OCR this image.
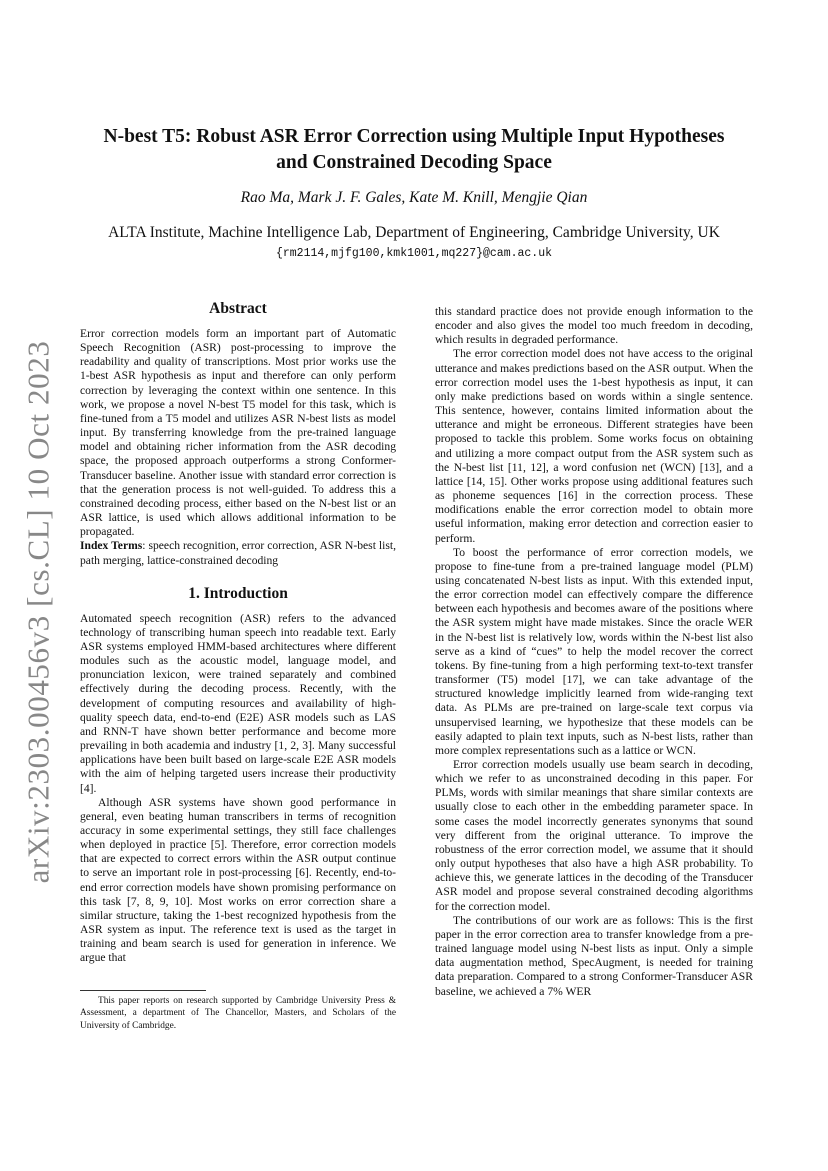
arXiv:2303.00456v3 [cs.CL] 10 Oct 2023
N-best T5: Robust ASR Error Correction using Multiple Input Hypotheses
and Constrained Decoding Space
Rao Ma, Mark J. F. Gales, Kate M. Knill, Mengjie Qian
ALTA Institute, Machine Intelligence Lab, Department of Engineering, Cambridge University, UK
{rm2114,mjfg100,kmk1001,mq227}@cam.ac.uk
Abstract

Error correction models form an important part of Automatic Speech Recognition (ASR) post-processing to improve the readability and quality of transcriptions. Most prior works use the 1-best ASR hypothesis as input and therefore can only perform correction by leveraging the context within one sentence. In this work, we propose a novel N-best T5 model for this task, which is fine-tuned from a T5 model and utilizes ASR N-best lists as model input. By transferring knowledge from the pre-trained language model and obtaining richer information from the ASR decoding space, the proposed approach outperforms a strong Conformer-Transducer baseline. Another issue with standard error correction is that the generation process is not well-guided. To address this a constrained decoding process, either based on the N-best list or an ASR lattice, is used which allows additional information to be propagated.

Index Terms: speech recognition, error correction, ASR N-best list, path merging, lattice-constrained decoding

1. Introduction

Automated speech recognition (ASR) refers to the advanced technology of transcribing human speech into readable text. Early ASR systems employed HMM-based architectures where different modules such as the acoustic model, language model, and pronunciation lexicon, were trained separately and combined effectively during the decoding process. Recently, with the development of computing resources and availability of high-quality speech data, end-to-end (E2E) ASR models such as LAS and RNN-T have shown better performance and become more prevailing in both academia and industry [1, 2, 3]. Many successful applications have been built based on large-scale E2E ASR models with the aim of helping targeted users increase their productivity [4].

Although ASR systems have shown good performance in general, even beating human transcribers in terms of recognition accuracy in some experimental settings, they still face challenges when deployed in practice [5]. Therefore, error correction models that are expected to correct errors within the ASR output continue to serve an important role in post-processing [6]. Recently, end-to-end error correction models have shown promising performance on this task [7, 8, 9, 10]. Most works on error correction share a similar structure, taking the 1-best recognized hypothesis from the ASR system as input. The reference text is used as the target in training and beam search is used for generation in inference. We argue that

This paper reports on research supported by Cambridge University Press & Assessment, a department of The Chancellor, Masters, and Scholars of the University of Cambridge.

this standard practice does not provide enough information to the encoder and also gives the model too much freedom in decoding, which results in degraded performance.

The error correction model does not have access to the original utterance and makes predictions based on the ASR output. When the error correction model uses the 1-best hypothesis as input, it can only make predictions based on words within a single sentence. This sentence, however, contains limited information about the utterance and might be erroneous. Different strategies have been proposed to tackle this problem. Some works focus on obtaining and utilizing a more compact output from the ASR system such as the N-best list [11, 12], a word confusion net (WCN) [13], and a lattice [14, 15]. Other works propose using additional features such as phoneme sequences [16] in the correction process. These modifications enable the error correction model to obtain more useful information, making error detection and correction easier to perform.

To boost the performance of error correction models, we propose to fine-tune from a pre-trained language model (PLM) using concatenated N-best lists as input. With this extended input, the error correction model can effectively compare the difference between each hypothesis and becomes aware of the positions where the ASR system might have made mistakes. Since the oracle WER in the N-best list is relatively low, words within the N-best list also serve as a kind of “cues” to help the model recover the correct tokens. By fine-tuning from a high performing text-to-text transfer transformer (T5) model [17], we can take advantage of the structured knowledge implicitly learned from wide-ranging text data. As PLMs are pre-trained on large-scale text corpus via unsupervised learning, we hypothesize that these models can be easily adapted to plain text inputs, such as N-best lists, rather than more complex representations such as a lattice or WCN.

Error correction models usually use beam search in decoding, which we refer to as unconstrained decoding in this paper. For PLMs, words with similar meanings that share similar contexts are usually close to each other in the embedding parameter space. In some cases the model incorrectly generates synonyms that sound very different from the original utterance. To improve the robustness of the error correction model, we assume that it should only output hypotheses that also have a high ASR probability. To achieve this, we generate lattices in the decoding of the Transducer ASR model and propose several constrained decoding algorithms for the correction model.

The contributions of our work are as follows: This is the first paper in the error correction area to transfer knowledge from a pre-trained language model using N-best lists as input. Only a simple data augmentation method, SpecAugment, is needed for training data preparation. Compared to a strong Conformer-Transducer ASR baseline, we achieved a 7% WER
